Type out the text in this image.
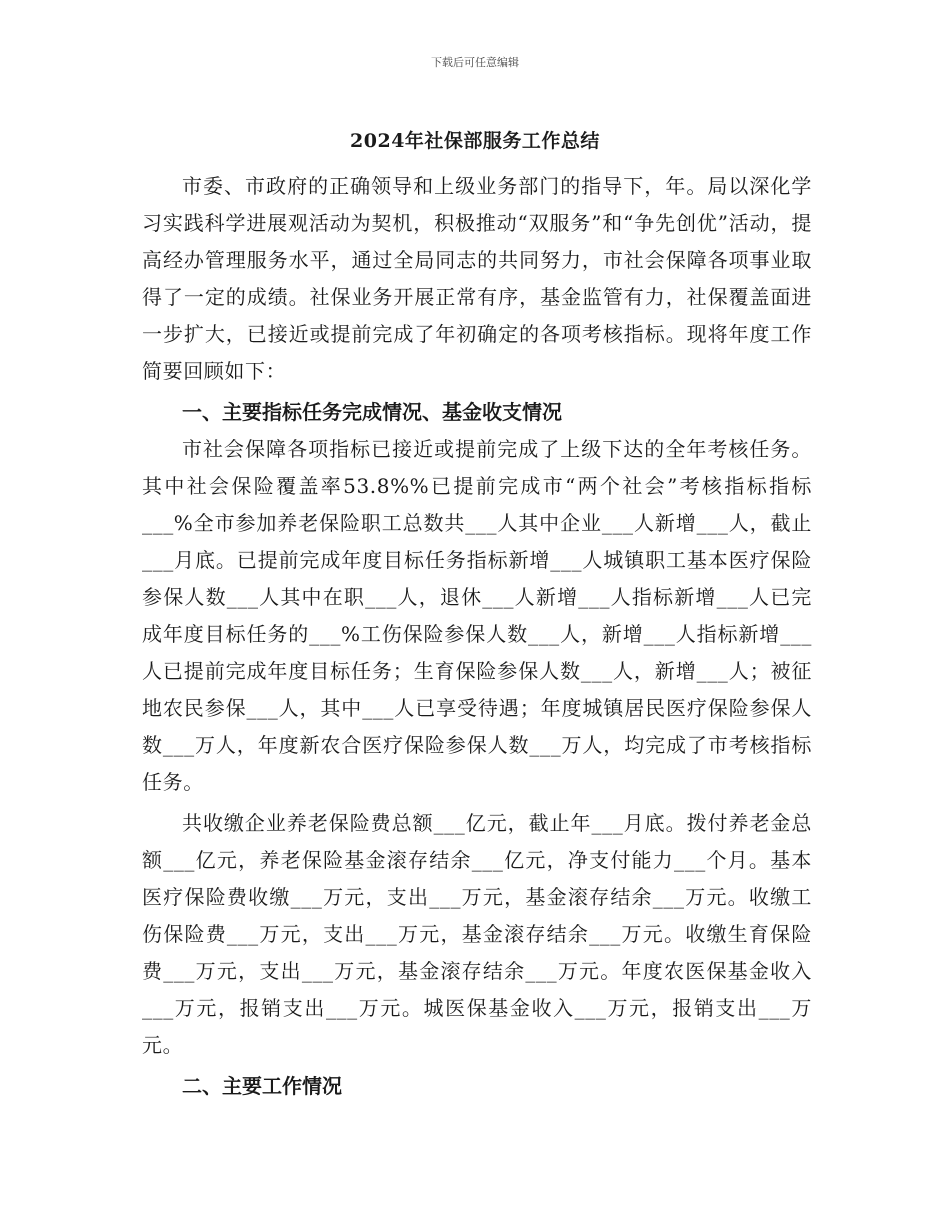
下载后可任意编辑
2024年社保部服务工作总结

市委、市政府的正确领导和上级业务部门的指导下，年。局以深化学习实践科学进展观活动为契机，积极推动“双服务”和“争先创优”活动，提高经办管理服务水平，通过全局同志的共同努力，市社会保障各项事业取得了一定的成绩。社保业务开展正常有序，基金监管有力，社保覆盖面进一步扩大，已接近或提前完成了年初确定的各项考核指标。现将年度工作简要回顾如下：

一、主要指标任务完成情况、基金收支情况

市社会保障各项指标已接近或提前完成了上级下达的全年考核任务。其中社会保险覆盖率53.8%%已提前完成市“两个社会”考核指标指标___%全市参加养老保险职工总数共___人其中企业___人新增___人，截止___月底。已提前完成年度目标任务指标新增___人城镇职工基本医疗保险参保人数___人其中在职___人，退休___人新增___人指标新增___人已完成年度目标任务的___%工伤保险参保人数___人，新增___人指标新增___人已提前完成年度目标任务；生育保险参保人数___人，新增___人；被征地农民参保___人，其中___人已享受待遇；年度城镇居民医疗保险参保人数___万人，年度新农合医疗保险参保人数___万人，均完成了市考核指标任务。

共收缴企业养老保险费总额___亿元，截止年___月底。拨付养老金总额___亿元，养老保险基金滚存结余___亿元，净支付能力___个月。基本医疗保险费收缴___万元，支出___万元，基金滚存结余___万元。收缴工伤保险费___万元，支出___万元，基金滚存结余___万元。收缴生育保险费___万元，支出___万元，基金滚存结余___万元。年度农医保基金收入___万元，报销支出___万元。城医保基金收入___万元，报销支出___万元。

二、主要工作情况
